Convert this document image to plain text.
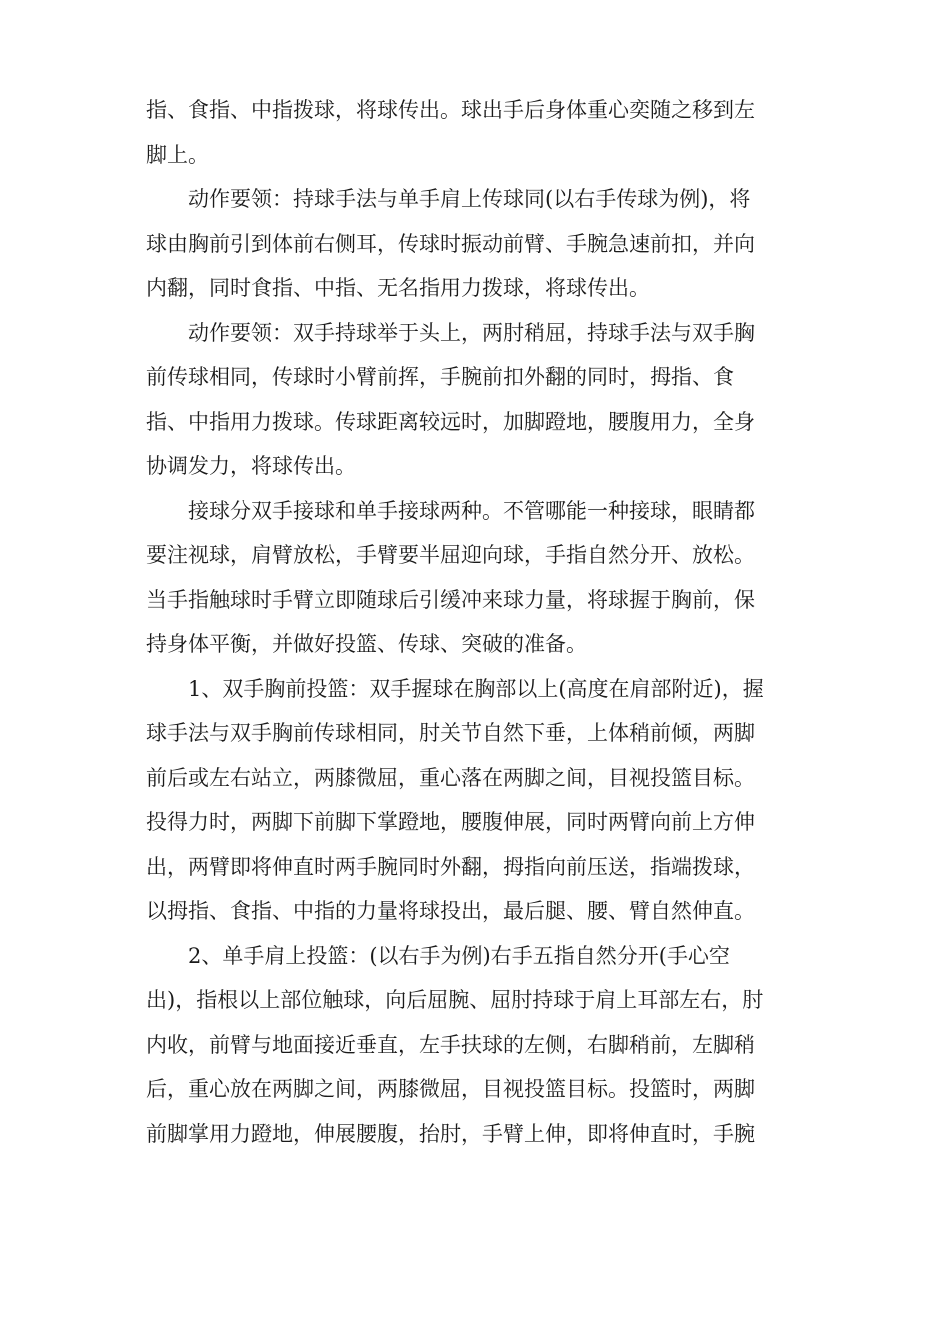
指、食指、中指拨球，将球传出。球出手后身体重心奕随之移到左
脚上。
动作要领：持球手法与单手肩上传球同(以右手传球为例)，将
球由胸前引到体前右侧耳，传球时振动前臂、手腕急速前扣，并向
内翻，同时食指、中指、无名指用力拨球，将球传出。
动作要领：双手持球举于头上，两肘稍屈，持球手法与双手胸
前传球相同，传球时小臂前挥，手腕前扣外翻的同时，拇指、食
指、中指用力拨球。传球距离较远时，加脚蹬地，腰腹用力，全身
协调发力，将球传出。
接球分双手接球和单手接球两种。不管哪能一种接球，眼睛都
要注视球，肩臂放松，手臂要半屈迎向球，手指自然分开、放松。
当手指触球时手臂立即随球后引缓冲来球力量，将球握于胸前，保
持身体平衡，并做好投篮、传球、突破的准备。
1、双手胸前投篮：双手握球在胸部以上(高度在肩部附近)，握
球手法与双手胸前传球相同，肘关节自然下垂，上体稍前倾，两脚
前后或左右站立，两膝微屈，重心落在两脚之间，目视投篮目标。
投得力时，两脚下前脚下掌蹬地，腰腹伸展，同时两臂向前上方伸
出，两臂即将伸直时两手腕同时外翻，拇指向前压送，指端拨球，
以拇指、食指、中指的力量将球投出，最后腿、腰、臂自然伸直。
2、单手肩上投篮：(以右手为例)右手五指自然分开(手心空
出)，指根以上部位触球，向后屈腕、屈肘持球于肩上耳部左右，肘
内收，前臂与地面接近垂直，左手扶球的左侧，右脚稍前，左脚稍
后，重心放在两脚之间，两膝微屈，目视投篮目标。投篮时，两脚
前脚掌用力蹬地，伸展腰腹，抬肘，手臂上伸，即将伸直时，手腕
